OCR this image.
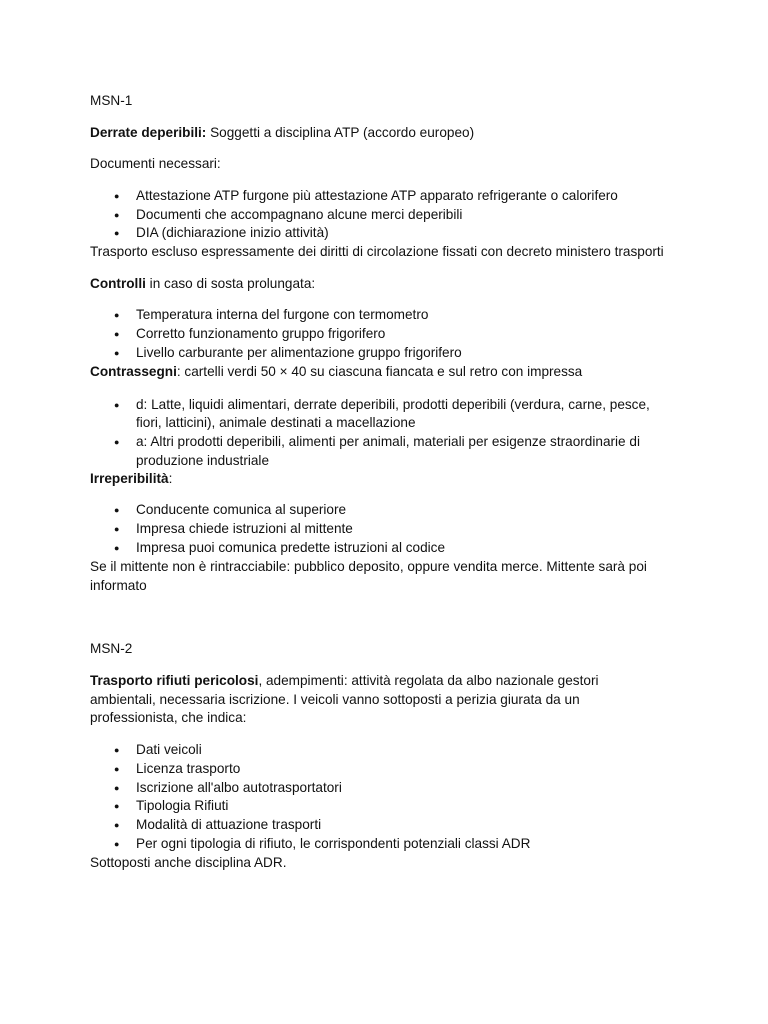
MSN-1
Derrate deperibili: Soggetti a disciplina ATP (accordo europeo)
Documenti necessari:
● Attestazione ATP furgone più attestazione ATP apparato refrigerante o calorifero
● Documenti che accompagnano alcune merci deperibili
● DIA (dichiarazione inizio attività)
Trasporto escluso espressamente dei diritti di circolazione fissati con decreto ministero trasporti
Controlli in caso di sosta prolungata:
● Temperatura interna del furgone con termometro
● Corretto funzionamento gruppo frigorifero
● Livello carburante per alimentazione gruppo frigorifero
Contrassegni: cartelli verdi 50 × 40 su ciascuna fiancata e sul retro con impressa
● d: Latte, liquidi alimentari, derrate deperibili, prodotti deperibili (verdura, carne, pesce,
fiori, latticini), animale destinati a macellazione
● a: Altri prodotti deperibili, alimenti per animali, materiali per esigenze straordinarie di
produzione industriale
Irreperibilità:
● Conducente comunica al superiore
● Impresa chiede istruzioni al mittente
● Impresa puoi comunica predette istruzioni al codice
Se il mittente non è rintracciabile: pubblico deposito, oppure vendita merce. Mittente sarà poi
informato
MSN-2
Trasporto rifiuti pericolosi, adempimenti: attività regolata da albo nazionale gestori
ambientali, necessaria iscrizione. I veicoli vanno sottoposti a perizia giurata da un
professionista, che indica:
● Dati veicoli
● Licenza trasporto
● Iscrizione all'albo autotrasportatori
● Tipologia Rifiuti
● Modalità di attuazione trasporti
● Per ogni tipologia di rifiuto, le corrispondenti potenziali classi ADR
Sottoposti anche disciplina ADR.
